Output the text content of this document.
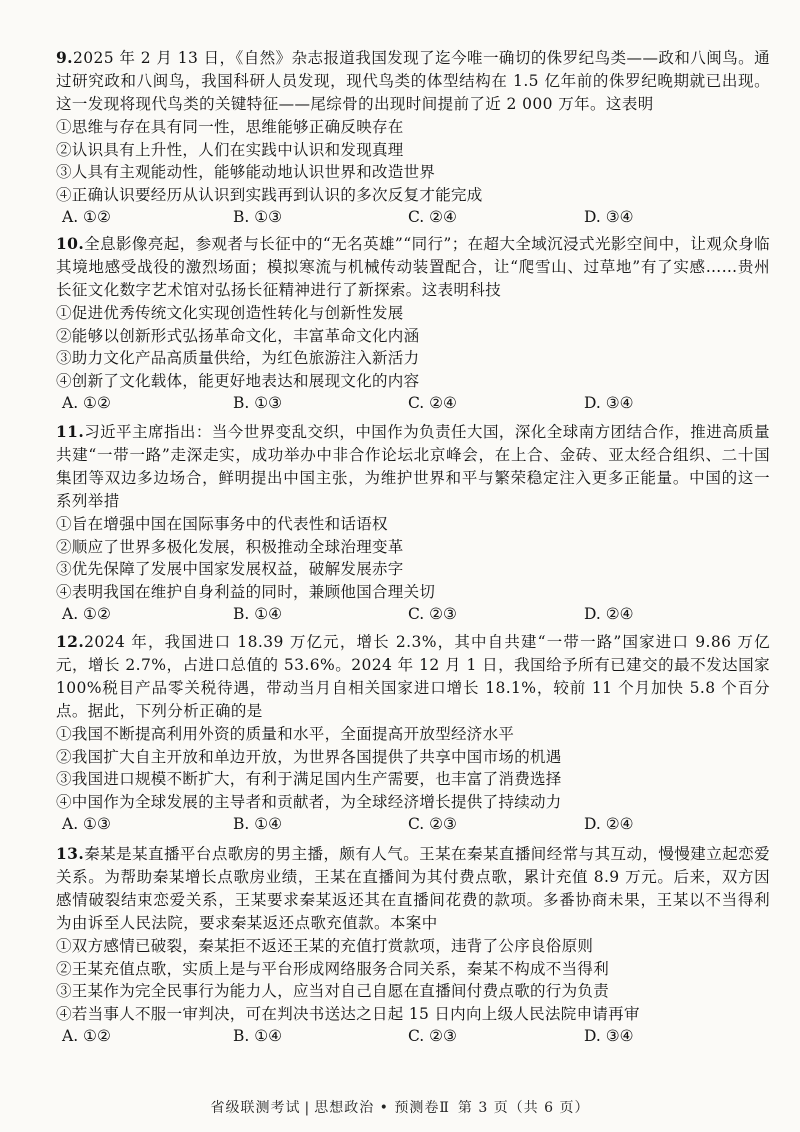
9.2025 年 2 月 13 日，《自然》杂志报道我国发现了迄今唯一确切的侏罗纪鸟类——政和八闽鸟。通过研究政和八闽鸟，我国科研人员发现，现代鸟类的体型结构在 1.5 亿年前的侏罗纪晚期就已出现。这一发现将现代鸟类的关键特征——尾综骨的出现时间提前了近 2 000 万年。这表明

①思维与存在具有同一性，思维能够正确反映存在
②认识具有上升性，人们在实践中认识和发现真理
③人具有主观能动性，能够能动地认识世界和改造世界
④正确认识要经历从认识到实践再到认识的多次反复才能完成
A. ①②	B. ①③	C. ②④	D. ③④

10.全息影像亮起，参观者与长征中的“无名英雄”“同行”；在超大全域沉浸式光影空间中，让观众身临其境地感受战役的激烈场面；模拟寒流与机械传动装置配合，让“爬雪山、过草地”有了实感……贵州长征文化数字艺术馆对弘扬长征精神进行了新探索。这表明科技

①促进优秀传统文化实现创造性转化与创新性发展
②能够以创新形式弘扬革命文化，丰富革命文化内涵
③助力文化产品高质量供给，为红色旅游注入新活力
④创新了文化载体，能更好地表达和展现文化的内容
A. ①②	B. ①③	C. ②④	D. ③④

11.习近平主席指出：当今世界变乱交织，中国作为负责任大国，深化全球南方团结合作，推进高质量共建“一带一路”走深走实，成功举办中非合作论坛北京峰会，在上合、金砖、亚太经合组织、二十国集团等双边多边场合，鲜明提出中国主张，为维护世界和平与繁荣稳定注入更多正能量。中国的这一系列举措

①旨在增强中国在国际事务中的代表性和话语权
②顺应了世界多极化发展，积极推动全球治理变革
③优先保障了发展中国家发展权益，破解发展赤字
④表明我国在维护自身利益的同时，兼顾他国合理关切
A. ①②	B. ①④	C. ②③	D. ②④

12.2024 年，我国进口 18.39 万亿元，增长 2.3%，其中自共建“一带一路”国家进口 9.86 万亿元，增长 2.7%，占进口总值的 53.6%。2024 年 12 月 1 日，我国给予所有已建交的最不发达国家 100%税目产品零关税待遇，带动当月自相关国家进口增长 18.1%，较前 11 个月加快 5.8 个百分点。据此，下列分析正确的是

①我国不断提高利用外资的质量和水平，全面提高开放型经济水平
②我国扩大自主开放和单边开放，为世界各国提供了共享中国市场的机遇
③我国进口规模不断扩大，有利于满足国内生产需要，也丰富了消费选择
④中国作为全球发展的主导者和贡献者，为全球经济增长提供了持续动力
A. ①③	B. ①④	C. ②③	D. ②④

13.秦某是某直播平台点歌房的男主播，颇有人气。王某在秦某直播间经常与其互动，慢慢建立起恋爱关系。为帮助秦某增长点歌房业绩，王某在直播间为其付费点歌，累计充值 8.9 万元。后来，双方因感情破裂结束恋爱关系，王某要求秦某返还其在直播间花费的款项。多番协商未果，王某以不当得利为由诉至人民法院，要求秦某返还点歌充值款。本案中

①双方感情已破裂，秦某拒不返还王某的充值打赏款项，违背了公序良俗原则
②王某充值点歌，实质上是与平台形成网络服务合同关系，秦某不构成不当得利
③王某作为完全民事行为能力人，应当对自己自愿在直播间付费点歌的行为负责
④若当事人不服一审判决，可在判决书送达之日起 15 日内向上级人民法院申请再审
A. ①②	B. ①④	C. ②③	D. ③④
省级联测考试 | 思想政治 • 预测卷Ⅱ 第 3 页（共 6 页）
